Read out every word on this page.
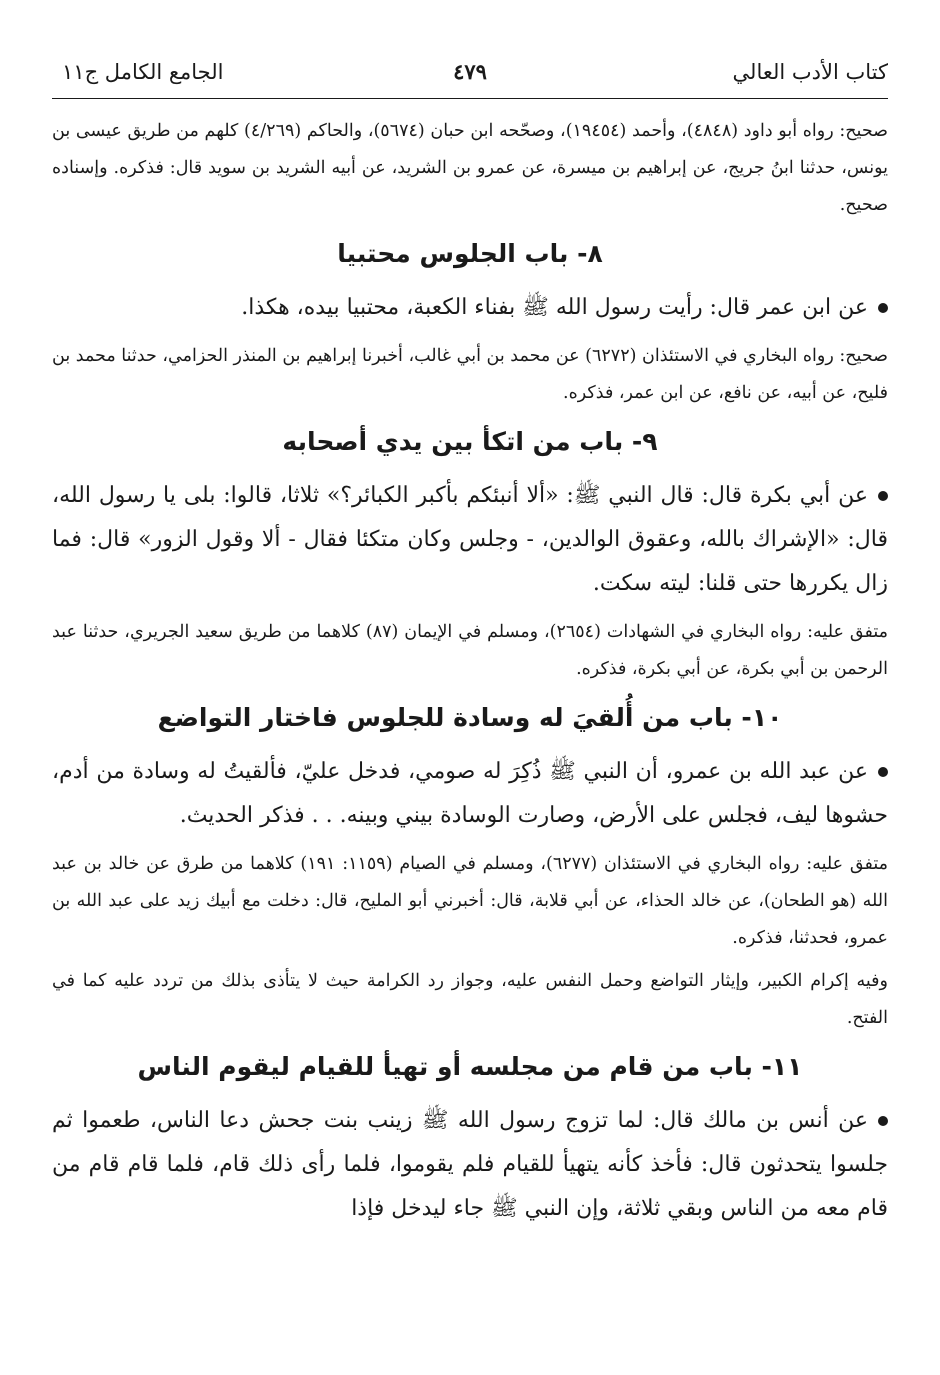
كتاب الأدب العالي
٤٧٩
الجامع الكامل ج١١

صحيح: رواه أبو داود (٤٨٤٨)، وأحمد (١٩٤٥٤)، وصحّحه ابن حبان (٥٦٧٤)، والحاكم (٤/٢٦٩) كلهم من طريق عيسى بن يونس، حدثنا ابنُ جريج، عن إبراهيم بن ميسرة، عن عمرو بن الشريد، عن أبيه الشريد بن سويد قال: فذكره. وإسناده صحيح.

٨- باب الجلوس محتبيا

عن ابن عمر قال: رأيت رسول الله ﷺ بفناء الكعبة، محتبيا بيده، هكذا.

صحيح: رواه البخاري في الاستئذان (٦٢٧٢) عن محمد بن أبي غالب، أخبرنا إبراهيم بن المنذر الحزامي، حدثنا محمد بن فليح، عن أبيه، عن نافع، عن ابن عمر، فذكره.

٩- باب من اتكأ بين يدي أصحابه

عن أبي بكرة قال: قال النبي ﷺ: «ألا أنبئكم بأكبر الكبائر؟» ثلاثا، قالوا: بلى يا رسول الله، قال: «الإشراك بالله، وعقوق الوالدين، - وجلس وكان متكئا فقال - ألا وقول الزور» قال: فما زال يكررها حتى قلنا: ليته سكت.

متفق عليه: رواه البخاري في الشهادات (٢٦٥٤)، ومسلم في الإيمان (٨٧) كلاهما من طريق سعيد الجريري، حدثنا عبد الرحمن بن أبي بكرة، عن أبي بكرة، فذكره.

١٠- باب من أُلقيَ له وسادة للجلوس فاختار التواضع

عن عبد الله بن عمرو، أن النبي ﷺ ذُكِرَ له صومي، فدخل عليّ، فألقيتُ له وسادة من أدم، حشوها ليف، فجلس على الأرض، وصارت الوسادة بيني وبينه. . . فذكر الحديث.

متفق عليه: رواه البخاري في الاستئذان (٦٢٧٧)، ومسلم في الصيام (١١٥٩: ١٩١) كلاهما من طرق عن خالد بن عبد الله (هو الطحان)، عن خالد الحذاء، عن أبي قلابة، قال: أخبرني أبو المليح، قال: دخلت مع أبيك زيد على عبد الله بن عمرو، فحدثنا، فذكره.

وفيه إكرام الكبير، وإيثار التواضع وحمل النفس عليه، وجواز رد الكرامة حيث لا يتأذى بذلك من تردد عليه كما في الفتح.

١١- باب من قام من مجلسه أو تهيأ للقيام ليقوم الناس

عن أنس بن مالك قال: لما تزوج رسول الله ﷺ زينب بنت جحش دعا الناس، طعموا ثم جلسوا يتحدثون قال: فأخذ كأنه يتهيأ للقيام فلم يقوموا، فلما رأى ذلك قام، فلما قام قام من قام معه من الناس وبقي ثلاثة، وإن النبي ﷺ جاء ليدخل فإذا
